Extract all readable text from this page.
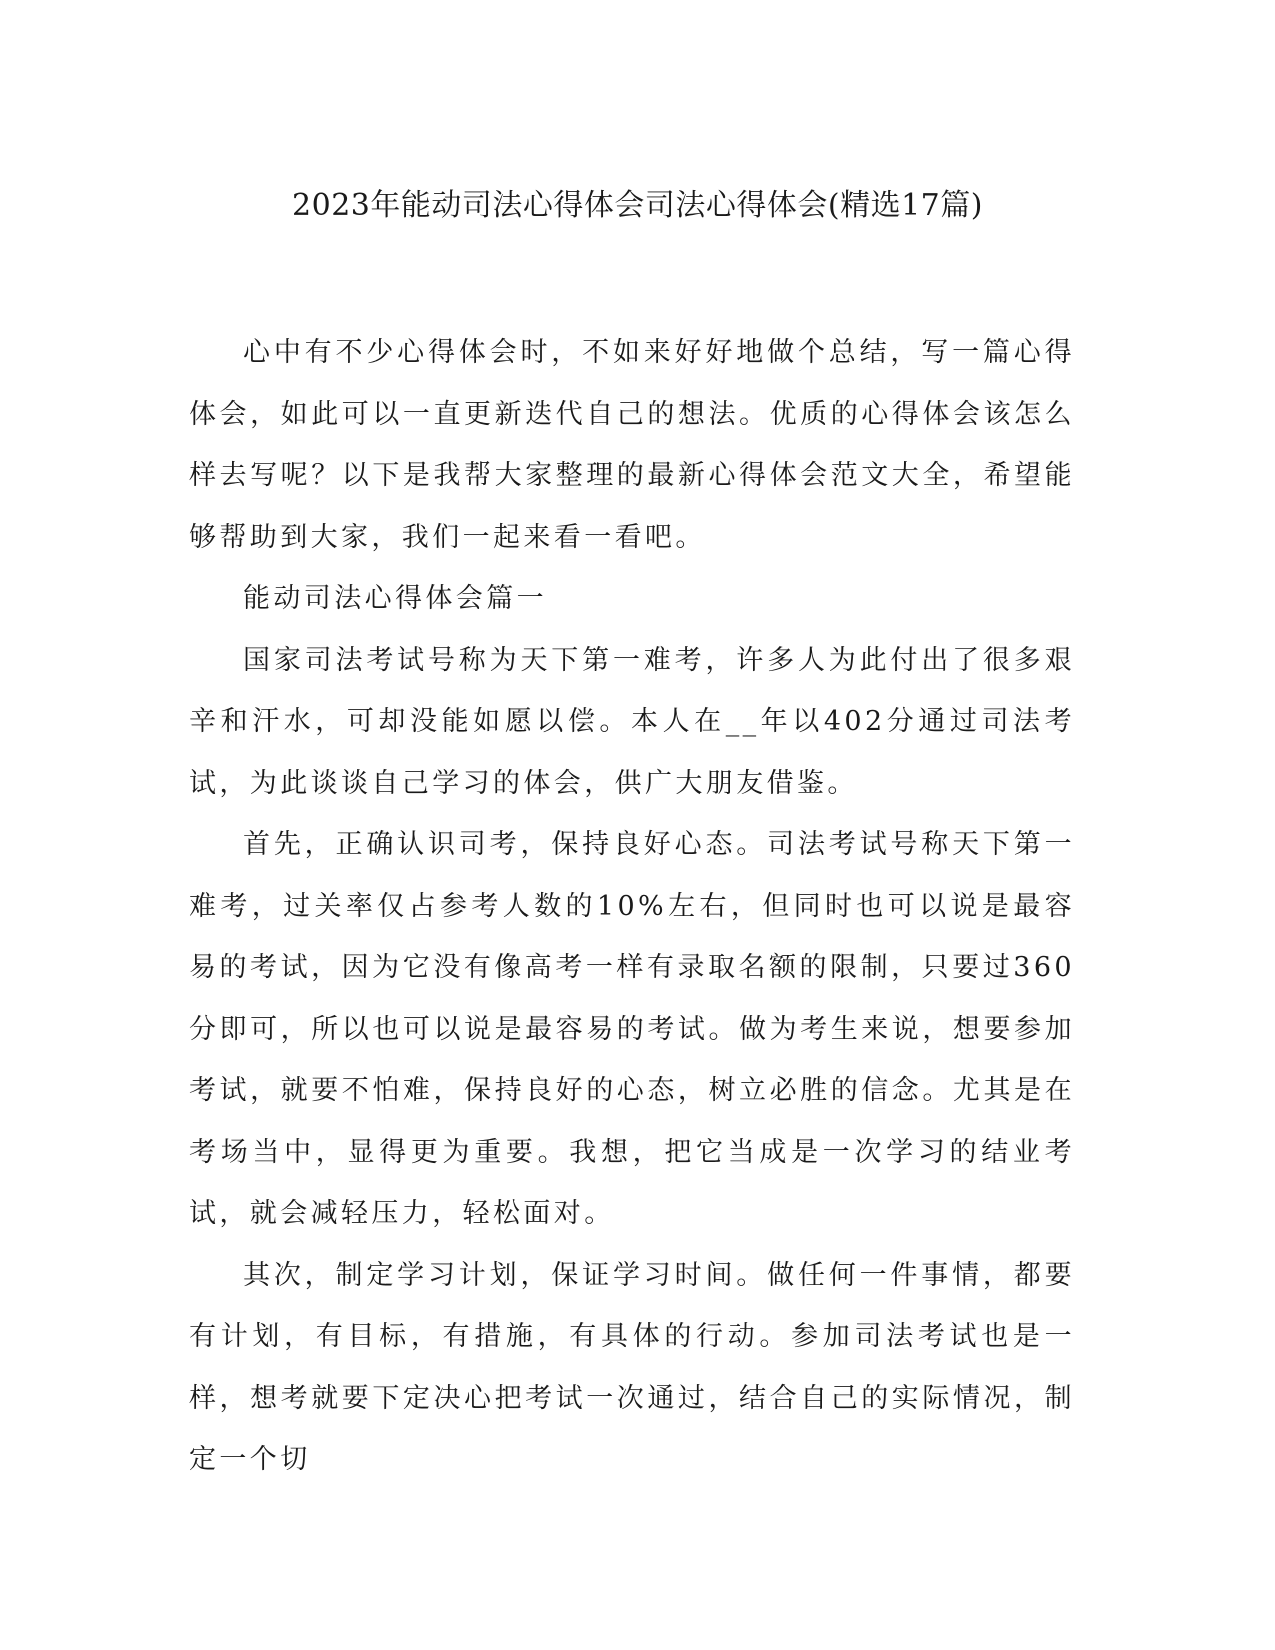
2023年能动司法心得体会司法心得体会(精选17篇)

心中有不少心得体会时，不如来好好地做个总结，写一篇心得体会，如此可以一直更新迭代自己的想法。优质的心得体会该怎么样去写呢？以下是我帮大家整理的最新心得体会范文大全，希望能够帮助到大家，我们一起来看一看吧。

能动司法心得体会篇一

国家司法考试号称为天下第一难考，许多人为此付出了很多艰辛和汗水，可却没能如愿以偿。本人在__年以402分通过司法考试，为此谈谈自己学习的体会，供广大朋友借鉴。

首先，正确认识司考，保持良好心态。司法考试号称天下第一难考，过关率仅占参考人数的10%左右，但同时也可以说是最容易的考试，因为它没有像高考一样有录取名额的限制，只要过360分即可，所以也可以说是最容易的考试。做为考生来说，想要参加考试，就要不怕难，保持良好的心态，树立必胜的信念。尤其是在考场当中，显得更为重要。我想，把它当成是一次学习的结业考试，就会减轻压力，轻松面对。

其次，制定学习计划，保证学习时间。做任何一件事情，都要有计划，有目标，有措施，有具体的行动。参加司法考试也是一样，想考就要下定决心把考试一次通过，结合自己的实际情况，制定一个切
